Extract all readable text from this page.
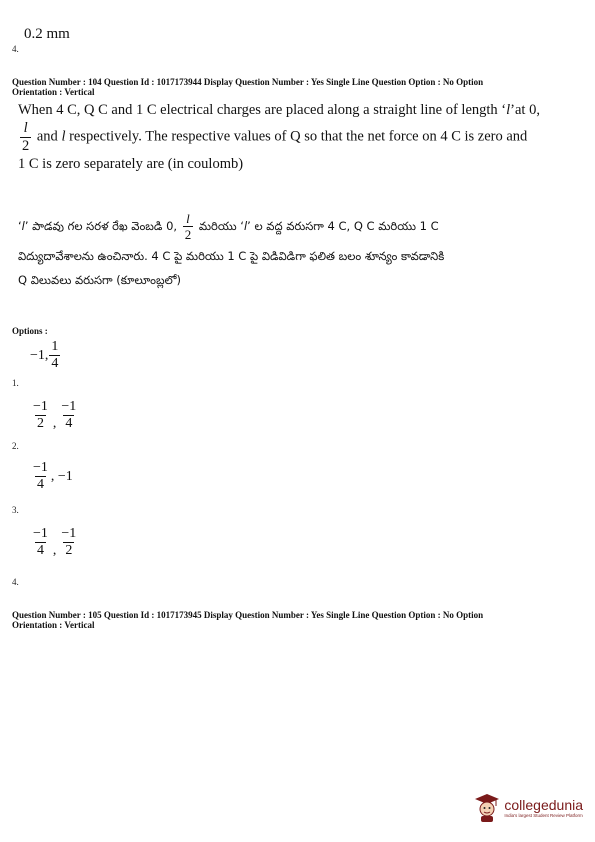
0.2 mm
4.
Question Number : 104 Question Id : 1017173944 Display Question Number : Yes Single Line Question Option : No Option
Orientation : Vertical
When 4 C, Q C and 1 C electrical charges are placed along a straight line of length ‘l’at 0,
$\frac{l}{2}$ and l respectively. The respective values of Q so that the net force on 4 C is zero and
1 C is zero separately are (in coulomb)
‘l’ పాడవు గల సరళ రేఖ వెంబడి 0, $\frac{l}{2}$ మరియు ‘l’ ల వద్ద వరుసగా 4 C, Q C మరియు 1 C
విద్యుదావేశాలను ఉంచినారు. 4 C పై మరియు 1 C పై విడివిడిగా ఫలిత బలం శూన్యం కావడానికి
Q విలువలు వరుసగా (కూలూంబ్లలో)
Options :
−1, $\frac{1}{4}$
1.
$\frac{-1}{2}$ , $\frac{-1}{4}$
2.
$\frac{-1}{4}$ , −1
3.
$\frac{-1}{4}$ , $\frac{-1}{2}$
4.
Question Number : 105 Question Id : 1017173945 Display Question Number : Yes Single Line Question Option : No Option
Orientation : Vertical
collegedunia
India's largest Student Review Platform
